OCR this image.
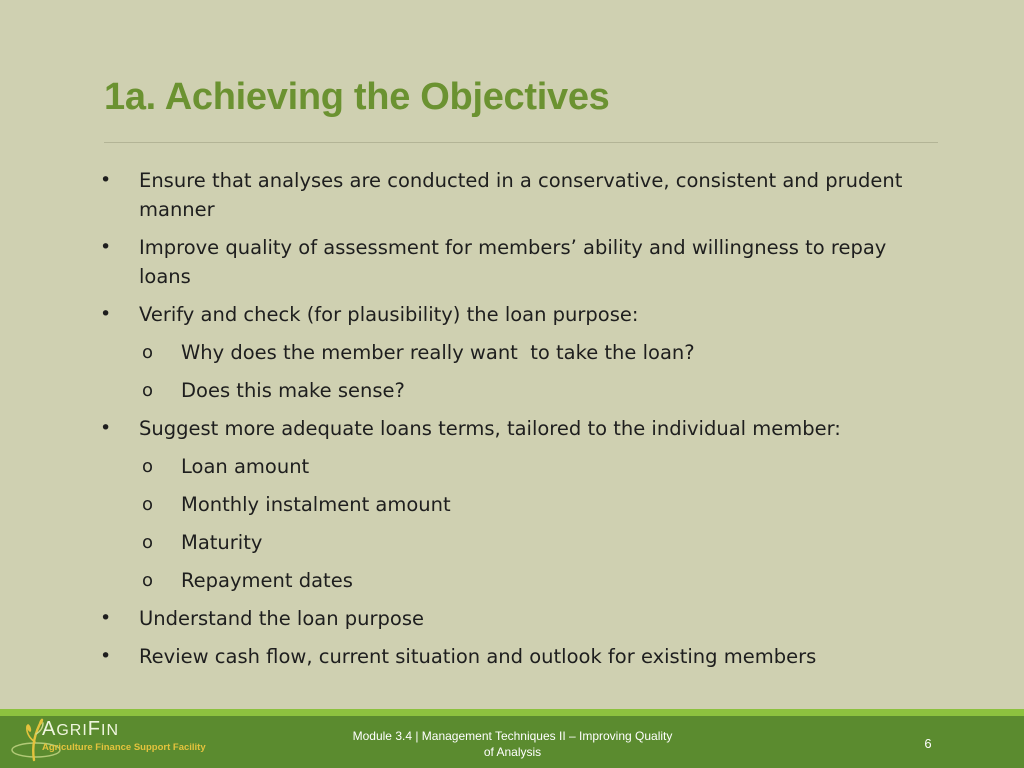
1a. Achieving the Objectives
• Ensure that analyses are conducted in a conservative, consistent and prudent manner
• Improve quality of assessment for members’ ability and willingness to repay loans
• Verify and check (for plausibility) the loan purpose:
o Why does the member really want  to take the loan?
o Does this make sense?
• Suggest more adequate loans terms, tailored to the individual member:
o Loan amount
o Monthly instalment amount
o Maturity
o Repayment dates
• Understand the loan purpose
• Review cash flow, current situation and outlook for existing members
AGRIFIN
Agriculture Finance Support Facility
Module 3.4 | Management Techniques II – Improving Quality
of Analysis
6
